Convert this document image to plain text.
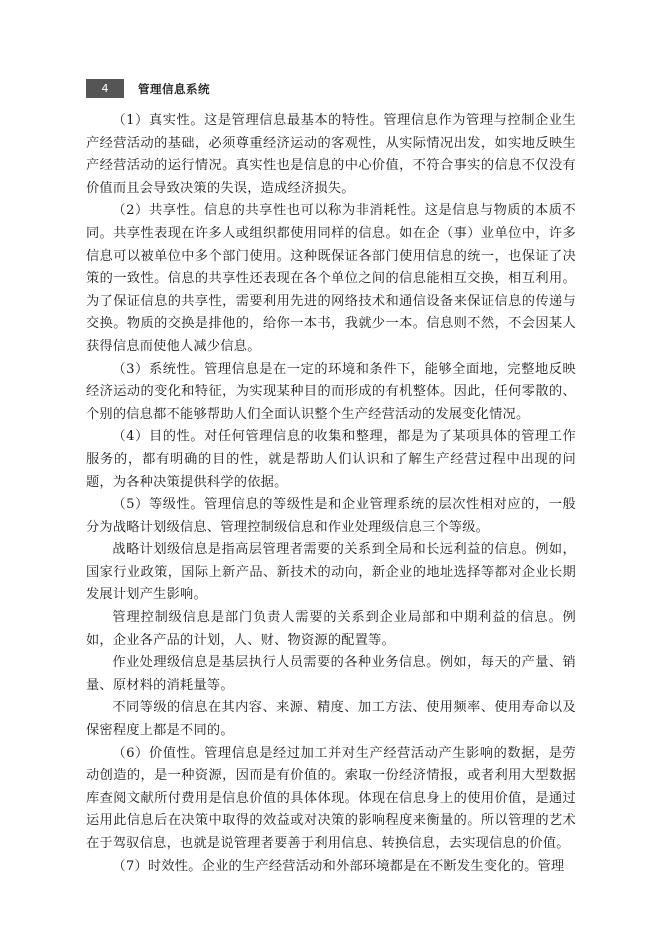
4	管理信息系统

（1）真实性。这是管理信息最基本的特性。管理信息作为管理与控制企业生产经营活动的基础，必须尊重经济运动的客观性，从实际情况出发，如实地反映生产经营活动的运行情况。真实性也是信息的中心价值，不符合事实的信息不仅没有价值而且会导致决策的失误，造成经济损失。

（2）共享性。信息的共享性也可以称为非消耗性。这是信息与物质的本质不同。共享性表现在许多人或组织都使用同样的信息。如在企（事）业单位中，许多信息可以被单位中多个部门使用。这种既保证各部门使用信息的统一，也保证了决策的一致性。信息的共享性还表现在各个单位之间的信息能相互交换，相互利用。为了保证信息的共享性，需要利用先进的网络技术和通信设备来保证信息的传递与交换。物质的交换是排他的，给你一本书，我就少一本。信息则不然，不会因某人获得信息而使他人减少信息。

（3）系统性。管理信息是在一定的环境和条件下，能够全面地，完整地反映经济运动的变化和特征，为实现某种目的而形成的有机整体。因此，任何零散的、个别的信息都不能够帮助人们全面认识整个生产经营活动的发展变化情况。

（4）目的性。对任何管理信息的收集和整理，都是为了某项具体的管理工作服务的，都有明确的目的性，就是帮助人们认识和了解生产经营过程中出现的问题，为各种决策提供科学的依据。

（5）等级性。管理信息的等级性是和企业管理系统的层次性相对应的，一般分为战略计划级信息、管理控制级信息和作业处理级信息三个等级。

战略计划级信息是指高层管理者需要的关系到全局和长远利益的信息。例如，国家行业政策，国际上新产品、新技术的动向，新企业的地址选择等都对企业长期发展计划产生影响。

管理控制级信息是部门负责人需要的关系到企业局部和中期利益的信息。例如，企业各产品的计划，人、财、物资源的配置等。

作业处理级信息是基层执行人员需要的各种业务信息。例如，每天的产量、销量、原材料的消耗量等。

不同等级的信息在其内容、来源、精度、加工方法、使用频率、使用寿命以及保密程度上都是不同的。

（6）价值性。管理信息是经过加工并对生产经营活动产生影响的数据，是劳动创造的，是一种资源，因而是有价值的。索取一份经济情报，或者利用大型数据库查阅文献所付费用是信息价值的具体体现。体现在信息身上的使用价值，是通过运用此信息后在决策中取得的效益或对决策的影响程度来衡量的。所以管理的艺术在于驾驭信息，也就是说管理者要善于利用信息、转换信息，去实现信息的价值。

（7）时效性。企业的生产经营活动和外部环境都是在不断发生变化的。管理
